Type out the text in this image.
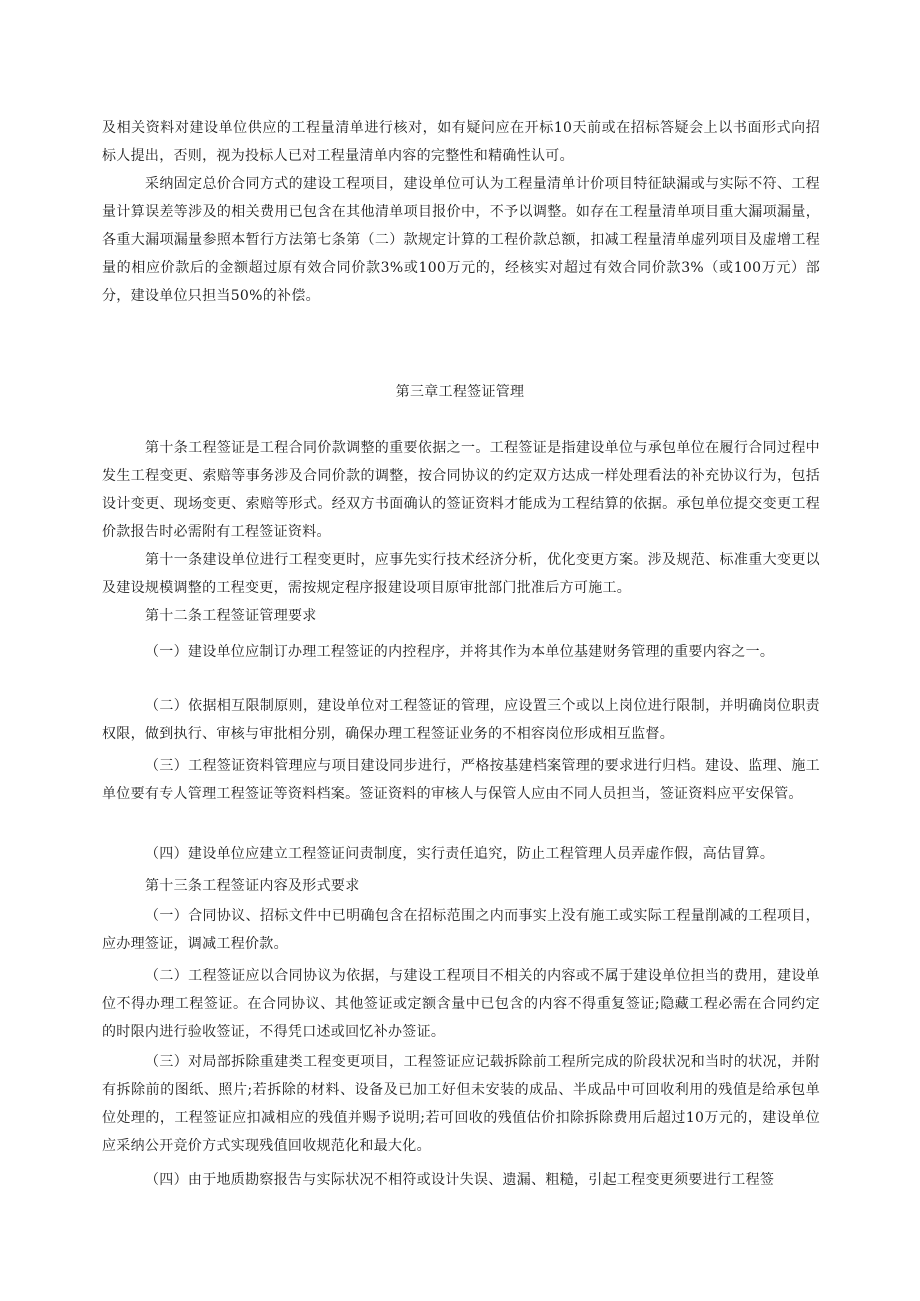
及相关资料对建设单位供应的工程量清单进行核对，如有疑问应在开标10天前或在招标答疑会上以书面形式向招标人提出，否则，视为投标人已对工程量清单内容的完整性和精确性认可。

采纳固定总价合同方式的建设工程项目，建设单位可认为工程量清单计价项目特征缺漏或与实际不符、工程量计算误差等涉及的相关费用已包含在其他清单项目报价中，不予以调整。如存在工程量清单项目重大漏项漏量，各重大漏项漏量参照本暂行方法第七条第（二）款规定计算的工程价款总额，扣减工程量清单虚列项目及虚增工程量的相应价款后的金额超过原有效合同价款3%或100万元的，经核实对超过有效合同价款3%（或100万元）部分，建设单位只担当50%的补偿。

第三章工程签证管理

第十条工程签证是工程合同价款调整的重要依据之一。工程签证是指建设单位与承包单位在履行合同过程中发生工程变更、索赔等事务涉及合同价款的调整，按合同协议的约定双方达成一样处理看法的补充协议行为，包括设计变更、现场变更、索赔等形式。经双方书面确认的签证资料才能成为工程结算的依据。承包单位提交变更工程价款报告时必需附有工程签证资料。

第十一条建设单位进行工程变更时，应事先实行技术经济分析，优化变更方案。涉及规范、标准重大变更以及建设规模调整的工程变更，需按规定程序报建设项目原审批部门批准后方可施工。

第十二条工程签证管理要求

（一）建设单位应制订办理工程签证的内控程序，并将其作为本单位基建财务管理的重要内容之一。

（二）依据相互限制原则，建设单位对工程签证的管理，应设置三个或以上岗位进行限制，并明确岗位职责权限，做到执行、审核与审批相分别，确保办理工程签证业务的不相容岗位形成相互监督。

（三）工程签证资料管理应与项目建设同步进行，严格按基建档案管理的要求进行归档。建设、监理、施工单位要有专人管理工程签证等资料档案。签证资料的审核人与保管人应由不同人员担当，签证资料应平安保管。

（四）建设单位应建立工程签证问责制度，实行责任追究，防止工程管理人员弄虚作假，高估冒算。

第十三条工程签证内容及形式要求

（一）合同协议、招标文件中已明确包含在招标范围之内而事实上没有施工或实际工程量削减的工程项目，应办理签证，调减工程价款。

（二）工程签证应以合同协议为依据，与建设工程项目不相关的内容或不属于建设单位担当的费用，建设单位不得办理工程签证。在合同协议、其他签证或定额含量中已包含的内容不得重复签证;隐藏工程必需在合同约定的时限内进行验收签证，不得凭口述或回忆补办签证。

（三）对局部拆除重建类工程变更项目，工程签证应记载拆除前工程所完成的阶段状况和当时的状况，并附有拆除前的图纸、照片;若拆除的材料、设备及已加工好但未安装的成品、半成品中可回收利用的残值是给承包单位处理的，工程签证应扣减相应的残值并赐予说明;若可回收的残值估价扣除拆除费用后超过10万元的，建设单位应采纳公开竞价方式实现残值回收规范化和最大化。

（四）由于地质勘察报告与实际状况不相符或设计失误、遗漏、粗糙，引起工程变更须要进行工程签
